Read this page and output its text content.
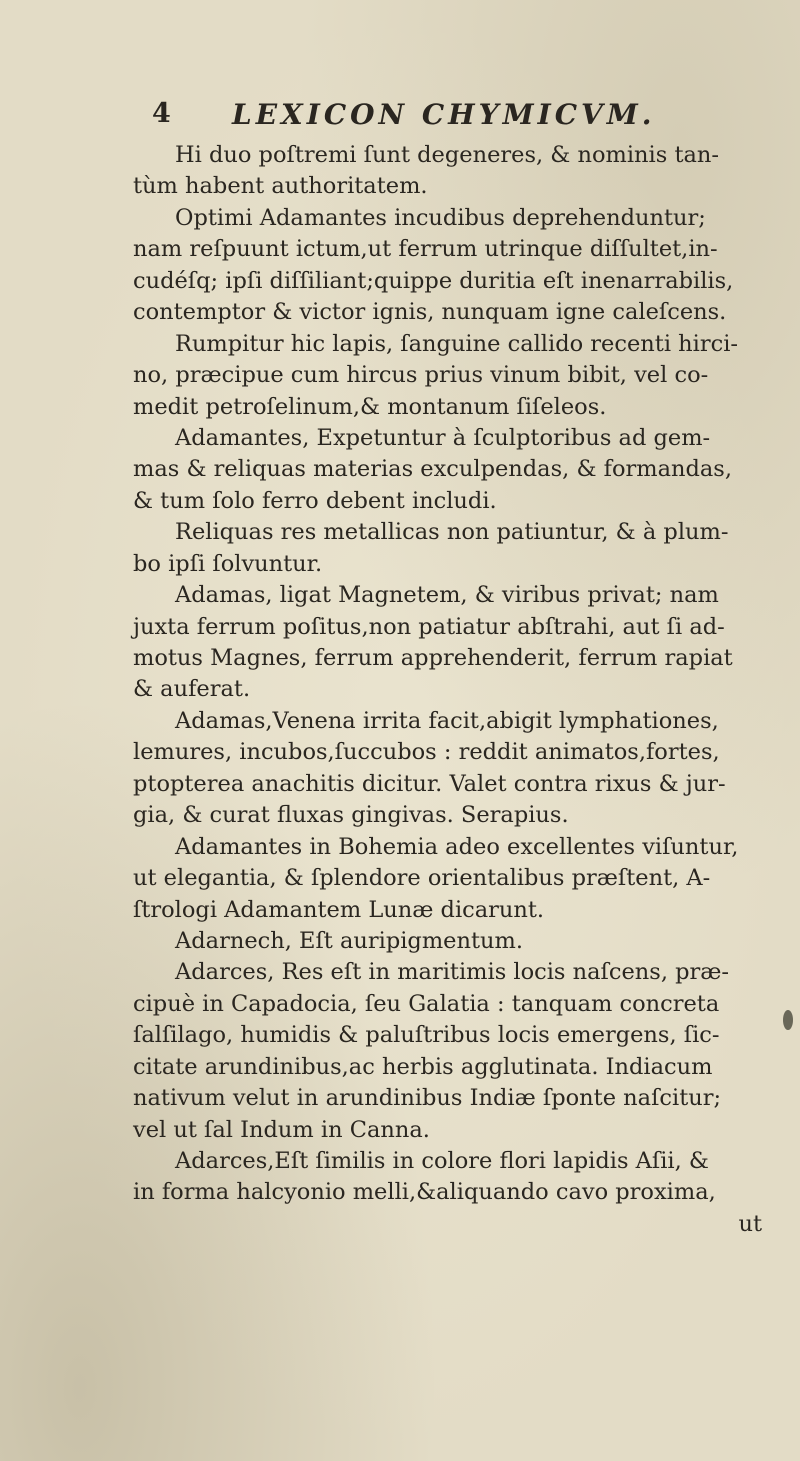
4 LEXICON CHYMICVM.
Hi duo poſtremi ſunt degeneres, & nominis tan-
tùm habent authoritatem.
Optimi Adamantes incudibus deprehenduntur;
nam reſpuunt ictum,ut ferrum utrinque diſſultet,in-
cudéſq; ipſi diſſiliant;quippe duritia eſt inenarrabilis,
contemptor & victor ignis, nunquam igne caleſcens.
Rumpitur hic lapis, ſanguine callido recenti hirci-
no, præcipue cum hircus prius vinum bibit, vel co-
medit petroſelinum,& montanum ſiſeleos.
Adamantes, Expetuntur à ſculptoribus ad gem-
mas & reliquas materias exculpendas, & formandas,
& tum ſolo ferro debent includi.
Reliquas res metallicas non patiuntur, & à plum-
bo ipſi ſolvuntur.
Adamas, ligat Magnetem, & viribus privat; nam
juxta ferrum poſitus,non patiatur abſtrahi, aut ſi ad-
motus Magnes, ferrum apprehenderit, ferrum rapiat
& auferat.
Adamas,Venena irrita facit,abigit lymphationes,
lemures, incubos,ſuccubos : reddit animatos,fortes,
ptopterea anachitis dicitur. Valet contra rixus & jur-
gia, & curat fluxas gingivas. Serapius.
Adamantes in Bohemia adeo excellentes viſuntur,
ut elegantia, & ſplendore orientalibus præſtent, A-
ſtrologi Adamantem Lunæ dicarunt.
Adarnech, Eſt auripigmentum.
Adarces, Res eſt in maritimis locis naſcens, præ-
cipuè in Capadocia, ſeu Galatia : tanquam concreta
ſalſilago, humidis & paluſtribus locis emergens, ſic-
citate arundinibus,ac herbis agglutinata. Indiacum
nativum velut in arundinibus Indiæ ſponte naſcitur;
vel ut ſal Indum in Canna.
Adarces,Eſt ſimilis in colore flori lapidis Aſii, &
in forma halcyonio melli,&aliquando cavo proxima,
ut
